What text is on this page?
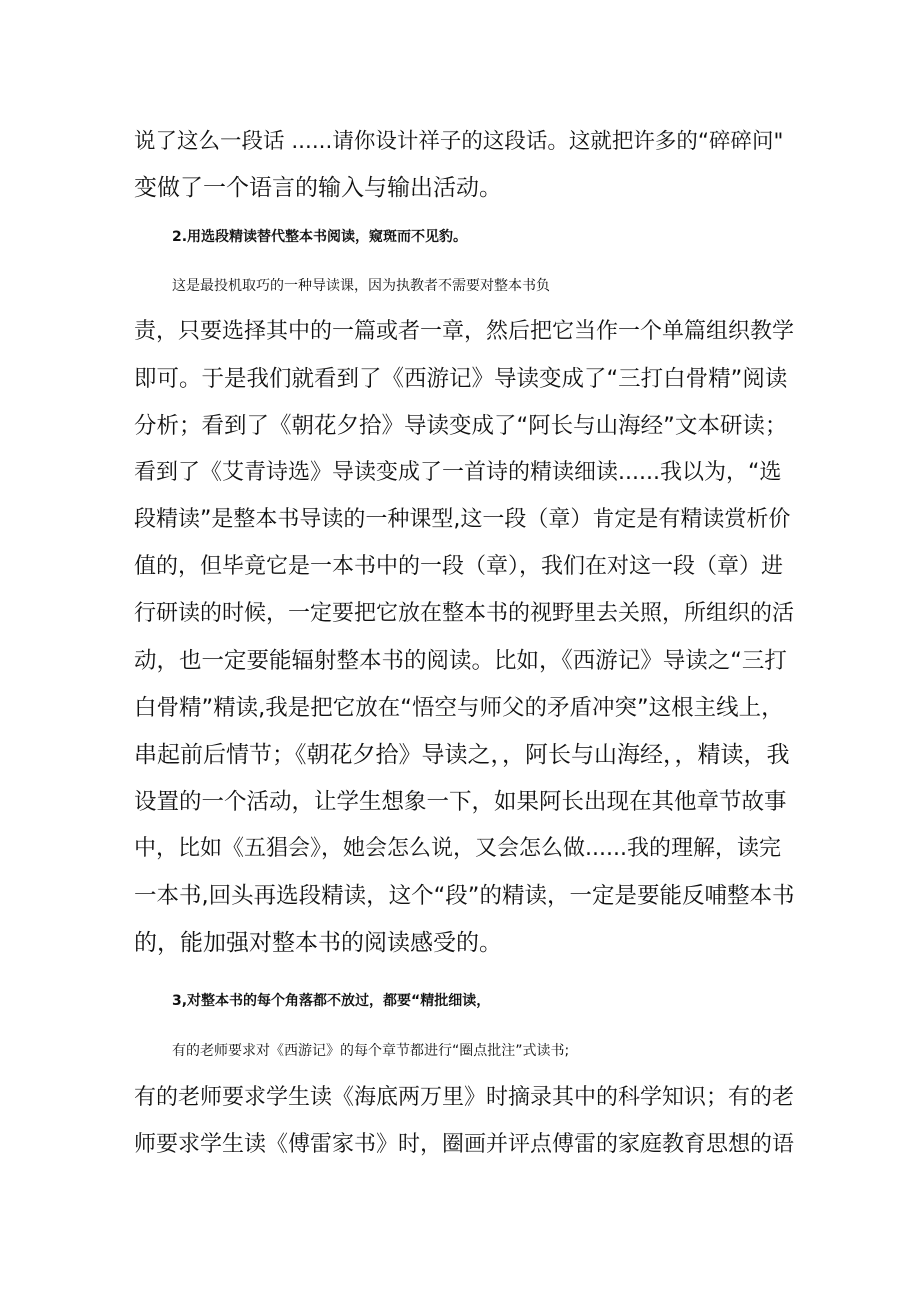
说了这么一段话 ......请你设计祥子的这段话。这就把许多的“碎碎问"
变做了一个语言的输入与输出活动。
2.用选段精读替代整本书阅读，窥斑而不见豹。
这是最投机取巧的一种导读课，因为执教者不需要对整本书负
责，只要选择其中的一篇或者一章，然后把它当作一个单篇组织教学
即可。于是我们就看到了《西游记》导读变成了“三打白骨精”阅读
分析；看到了《朝花夕拾》导读变成了“阿长与山海经”文本研读；
看到了《艾青诗选》导读变成了一首诗的精读细读......我以为，“选
段精读”是整本书导读的一种课型,这一段（章）肯定是有精读赏析价
值的，但毕竟它是一本书中的一段（章），我们在对这一段（章）进
行研读的时候，一定要把它放在整本书的视野里去关照，所组织的活
动，也一定要能辐射整本书的阅读。比如，《西游记》导读之“三打
白骨精”精读,我是把它放在“悟空与师父的矛盾冲突”这根主线上，
串起前后情节；《朝花夕拾》导读之，，阿长与山海经，，精读，我
设置的一个活动，让学生想象一下，如果阿长出现在其他章节故事
中，比如《五猖会》，她会怎么说，又会怎么做......我的理解，读完
一本书,回头再选段精读，这个“段”的精读，一定是要能反哺整本书
的，能加强对整本书的阅读感受的。
3,对整本书的每个角落都不放过，都要“精批细读，
有的老师要求对《西游记》的每个章节都进行“圈点批注”式读书;
有的老师要求学生读《海底两万里》时摘录其中的科学知识；有的老
师要求学生读《傅雷家书》时，圈画并评点傅雷的家庭教育思想的语
